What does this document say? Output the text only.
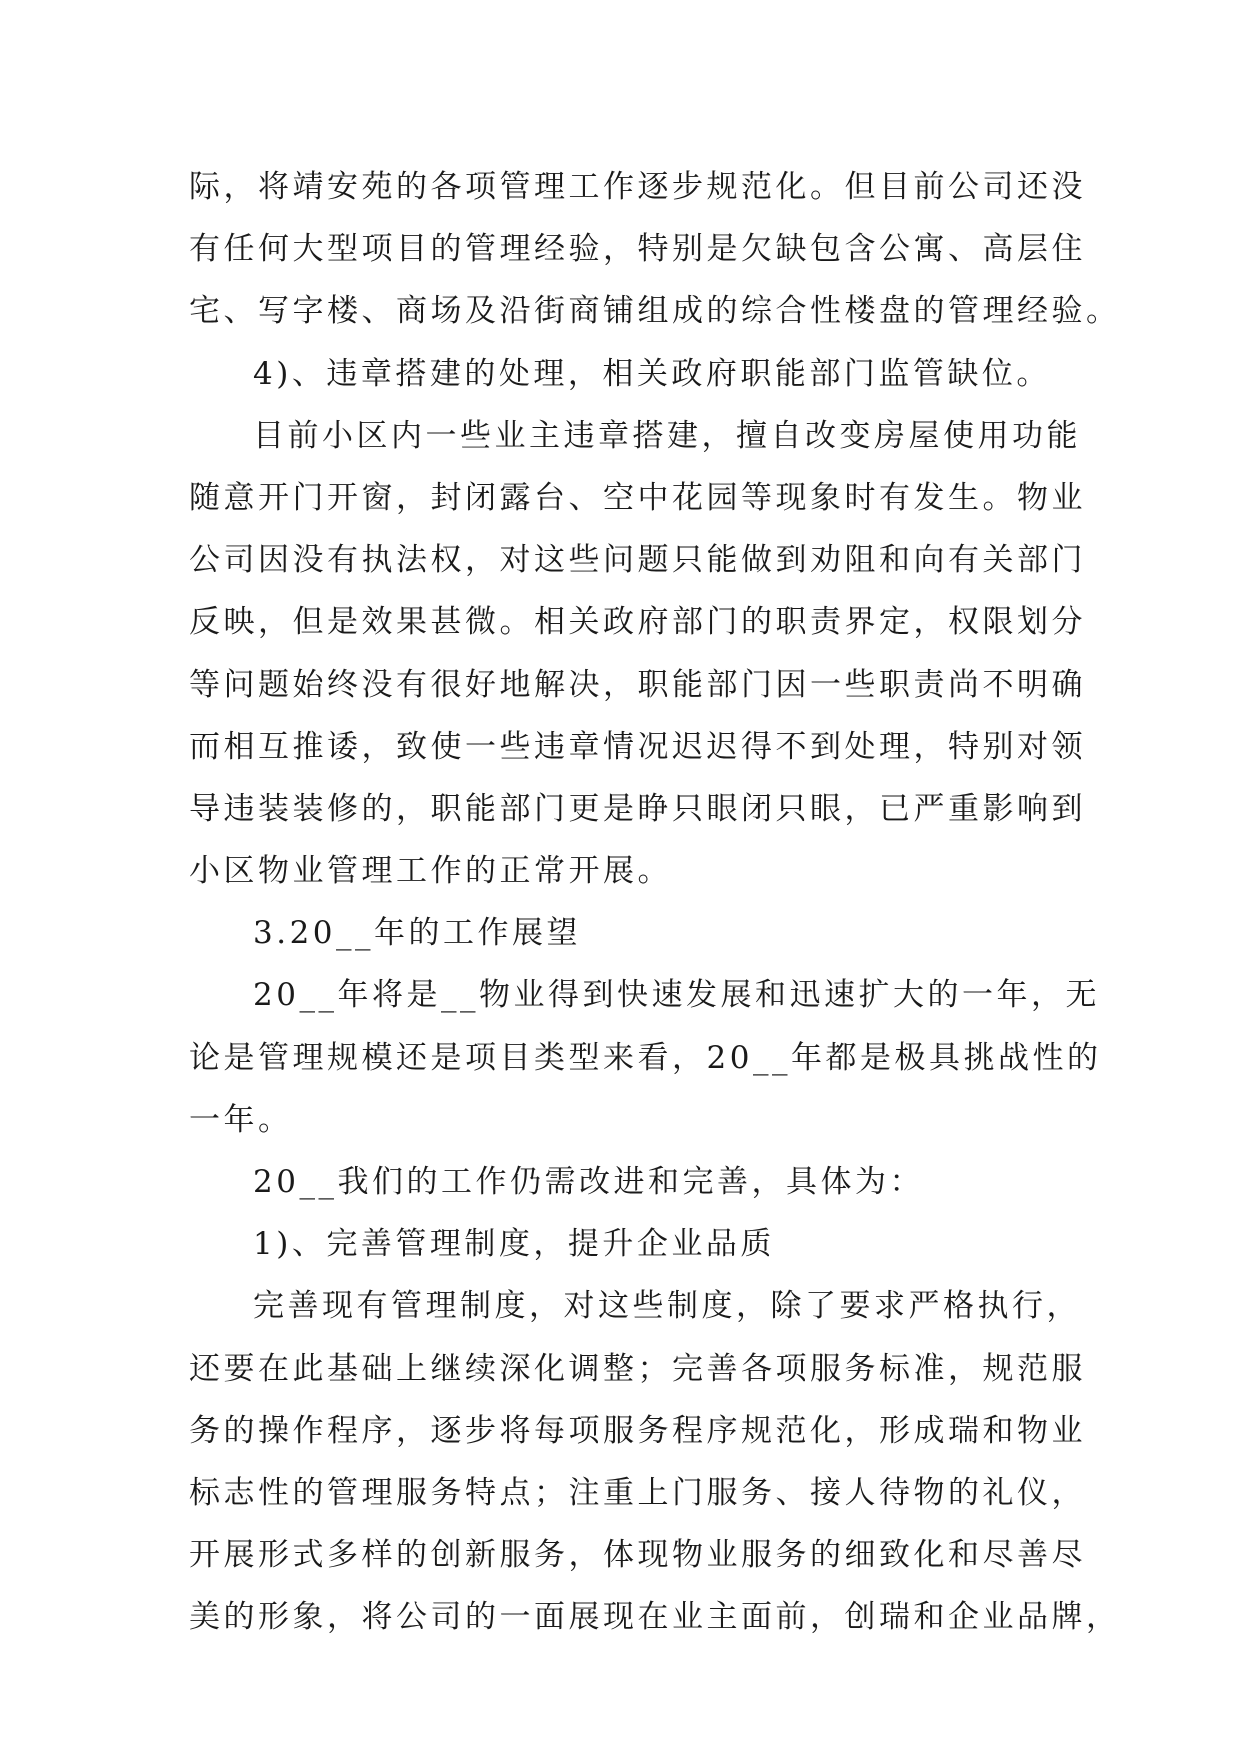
际，将靖安苑的各项管理工作逐步规范化。但目前公司还没
有任何大型项目的管理经验，特别是欠缺包含公寓、高层住
宅、写字楼、商场及沿街商铺组成的综合性楼盘的管理经验。
4)、违章搭建的处理，相关政府职能部门监管缺位。
目前小区内一些业主违章搭建，擅自改变房屋使用功能
随意开门开窗，封闭露台、空中花园等现象时有发生。物业
公司因没有执法权，对这些问题只能做到劝阻和向有关部门
反映，但是效果甚微。相关政府部门的职责界定，权限划分
等问题始终没有很好地解决，职能部门因一些职责尚不明确
而相互推诿，致使一些违章情况迟迟得不到处理，特别对领
导违装装修的，职能部门更是睁只眼闭只眼，已严重影响到
小区物业管理工作的正常开展。
3.20__年的工作展望
20__年将是__物业得到快速发展和迅速扩大的一年，无
论是管理规模还是项目类型来看，20__年都是极具挑战性的
一年。
20__我们的工作仍需改进和完善，具体为：
1)、完善管理制度，提升企业品质
完善现有管理制度，对这些制度，除了要求严格执行，
还要在此基础上继续深化调整；完善各项服务标准，规范服
务的操作程序，逐步将每项服务程序规范化，形成瑞和物业
标志性的管理服务特点；注重上门服务、接人待物的礼仪，
开展形式多样的创新服务，体现物业服务的细致化和尽善尽
美的形象，将公司的一面展现在业主面前，创瑞和企业品牌，
